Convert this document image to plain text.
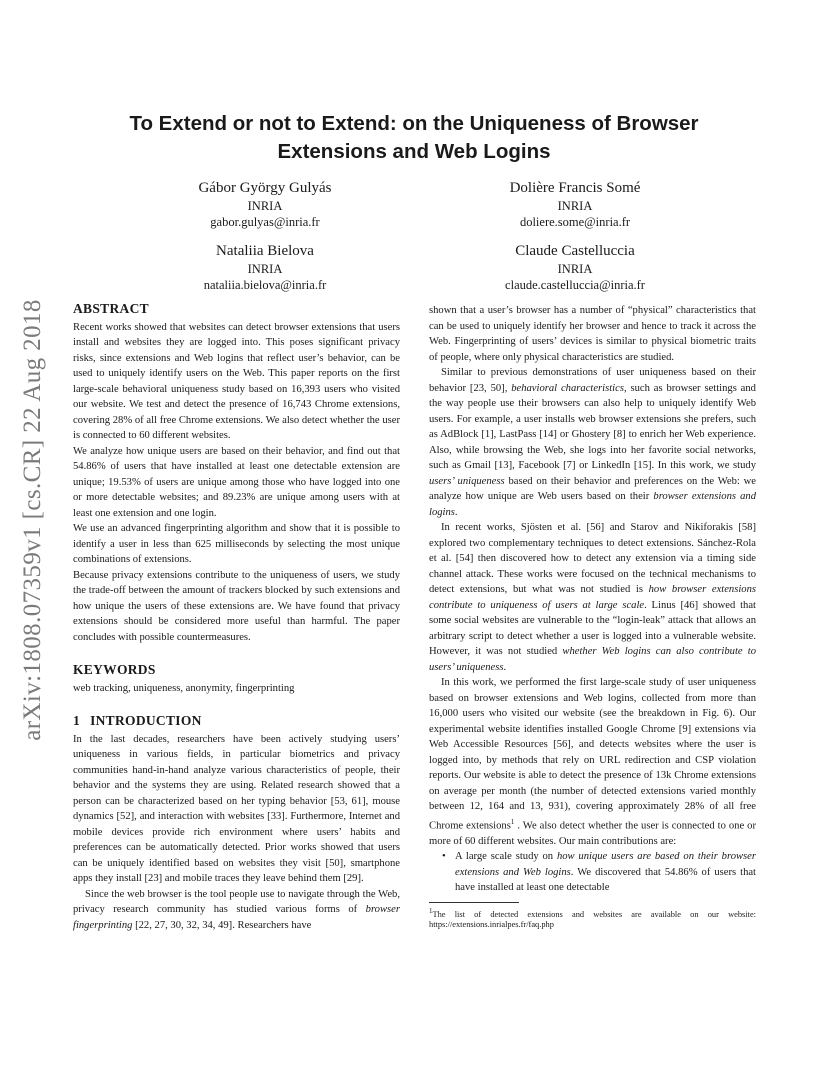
arXiv:1808.07359v1 [cs.CR] 22 Aug 2018
To Extend or not to Extend: on the Uniqueness of Browser Extensions and Web Logins
Gábor György Gulyás
INRIA
gabor.gulyas@inria.fr
Dolière Francis Somé
INRIA
doliere.some@inria.fr
Nataliia Bielova
INRIA
nataliia.bielova@inria.fr
Claude Castelluccia
INRIA
claude.castelluccia@inria.fr
ABSTRACT

Recent works showed that websites can detect browser extensions that users install and websites they are logged into. This poses significant privacy risks, since extensions and Web logins that reflect user’s behavior, can be used to uniquely identify users on the Web. This paper reports on the first large-scale behavioral uniqueness study based on 16,393 users who visited our website. We test and detect the presence of 16,743 Chrome extensions, covering 28% of all free Chrome extensions. We also detect whether the user is connected to 60 different websites.

We analyze how unique users are based on their behavior, and find out that 54.86% of users that have installed at least one detectable extension are unique; 19.53% of users are unique among those who have logged into one or more detectable websites; and 89.23% are unique among users with at least one extension and one login.

We use an advanced fingerprinting algorithm and show that it is possible to identify a user in less than 625 milliseconds by selecting the most unique combinations of extensions.

Because privacy extensions contribute to the uniqueness of users, we study the trade-off between the amount of trackers blocked by such extensions and how unique the users of these extensions are. We have found that privacy extensions should be considered more useful than harmful. The paper concludes with possible countermeasures.

KEYWORDS

web tracking, uniqueness, anonymity, fingerprinting

1 INTRODUCTION

In the last decades, researchers have been actively studying users’ uniqueness in various fields, in particular biometrics and privacy communities hand-in-hand analyze various characteristics of people, their behavior and the systems they are using. Related research showed that a person can be characterized based on her typing behavior [53, 61], mouse dynamics [52], and interaction with websites [33]. Furthermore, Internet and mobile devices provide rich environment where users’ habits and preferences can be automatically detected. Prior works showed that users can be uniquely identified based on websites they visit [50], smartphone apps they install [23] and mobile traces they leave behind them [29].

Since the web browser is the tool people use to navigate through the Web, privacy research community has studied various forms of browser fingerprinting [22, 27, 30, 32, 34, 49]. Researchers have

shown that a user’s browser has a number of “physical” characteristics that can be used to uniquely identify her browser and hence to track it across the Web. Fingerprinting of users’ devices is similar to physical biometric traits of people, where only physical characteristics are studied.

Similar to previous demonstrations of user uniqueness based on their behavior [23, 50], behavioral characteristics, such as browser settings and the way people use their browsers can also help to uniquely identify Web users. For example, a user installs web browser extensions she prefers, such as AdBlock [1], LastPass [14] or Ghostery [8] to enrich her Web experience. Also, while browsing the Web, she logs into her favorite social networks, such as Gmail [13], Facebook [7] or LinkedIn [15]. In this work, we study users’ uniqueness based on their behavior and preferences on the Web: we analyze how unique are Web users based on their browser extensions and logins.

In recent works, Sjösten et al. [56] and Starov and Nikiforakis [58] explored two complementary techniques to detect extensions. Sánchez-Rola et al. [54] then discovered how to detect any extension via a timing side channel attack. These works were focused on the technical mechanisms to detect extensions, but what was not studied is how browser extensions contribute to uniqueness of users at large scale. Linus [46] showed that some social websites are vulnerable to the “login-leak” attack that allows an arbitrary script to detect whether a user is logged into a vulnerable website. However, it was not studied whether Web logins can also contribute to users’ uniqueness.

In this work, we performed the first large-scale study of user uniqueness based on browser extensions and Web logins, collected from more than 16,000 users who visited our website (see the breakdown in Fig. 6). Our experimental website identifies installed Google Chrome [9] extensions via Web Accessible Resources [56], and detects websites where the user is logged into, by methods that rely on URL redirection and CSP violation reports. Our website is able to detect the presence of 13k Chrome extensions on average per month (the number of detected extensions varied monthly between 12, 164 and 13, 931), covering approximately 28% of all free Chrome extensions$^1$ . We also detect whether the user is connected to one or more of 60 different websites. Our main contributions are:

• A large scale study on how unique users are based on their browser extensions and Web logins. We discovered that 54.86% of users that have installed at least one detectable
$^1$The list of detected extensions and websites are available on our website: https://extensions.inrialpes.fr/faq.php
